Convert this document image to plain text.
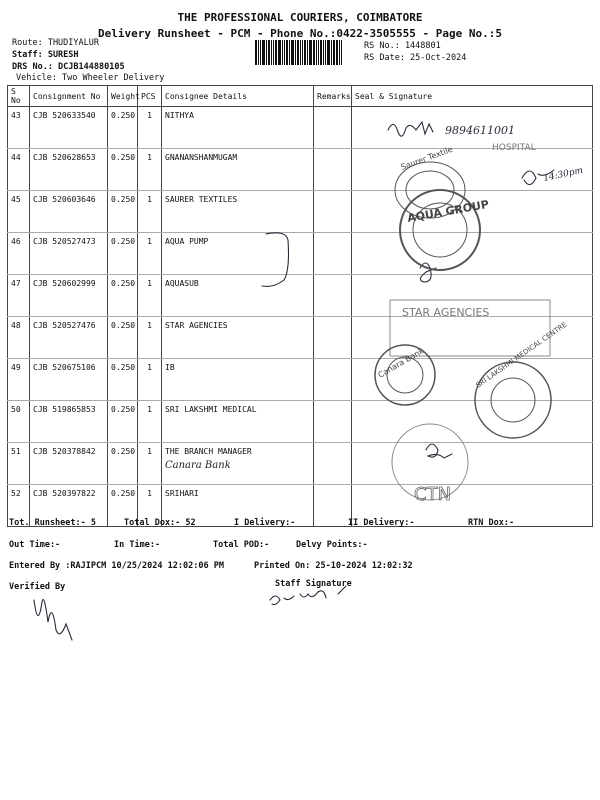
THE PROFESSIONAL COURIERS, COIMBATORE
Delivery Runsheet - PCM - Phone No.:0422-3505555 - Page No.:5
Route: THUDIYALUR
Staff: SURESH
DRS No.: DCJB144880105
Vehicle: Two Wheeler Delivery
RS No.: 1448801
RS Date: 25-Oct-2024
S No	Consignment No	Weight	PCS	Consignee Details	Remarks	Seal & Signature
43	CJB 520633540	0.250	1	NITHYA		
44	CJB 520628653	0.250	1	GNANANSHANMUGAM		
45	CJB 520603646	0.250	1	SAURER TEXTILES		
46	CJB 520527473	0.250	1	AQUA PUMP		
47	CJB 520602999	0.250	1	AQUASUB		
48	CJB 520527476	0.250	1	STAR AGENCIES		
49	CJB 520675106	0.250	1	IB		
50	CJB 519865853	0.250	1	SRI LAKSHMI MEDICAL		
51	CJB 520378842	0.250	1	THE BRANCH MANAGER
Canara Bank		

52	CJB 520397822	0.250	1	SRIHARI		
Tot. Runsheet:- 5	Total Dox:- 52	I Delivery:-	II Delivery:-	RTN Dox:-
Out Time:-	In Time:-	Total POD:-	Delvy Points:-
Entered By :RAJIPCM 10/25/2024 12:02:06 PM	Printed On: 25-10-2024 12:02:32
Verified By	Staff Signature
9894611001
14:30pm
Saurer Textile	HOSPITAL
AQUA GROUP
STAR AGENCIES
Canara Bank	SRI LAKSHMI MEDICAL CENTRE
CTN
